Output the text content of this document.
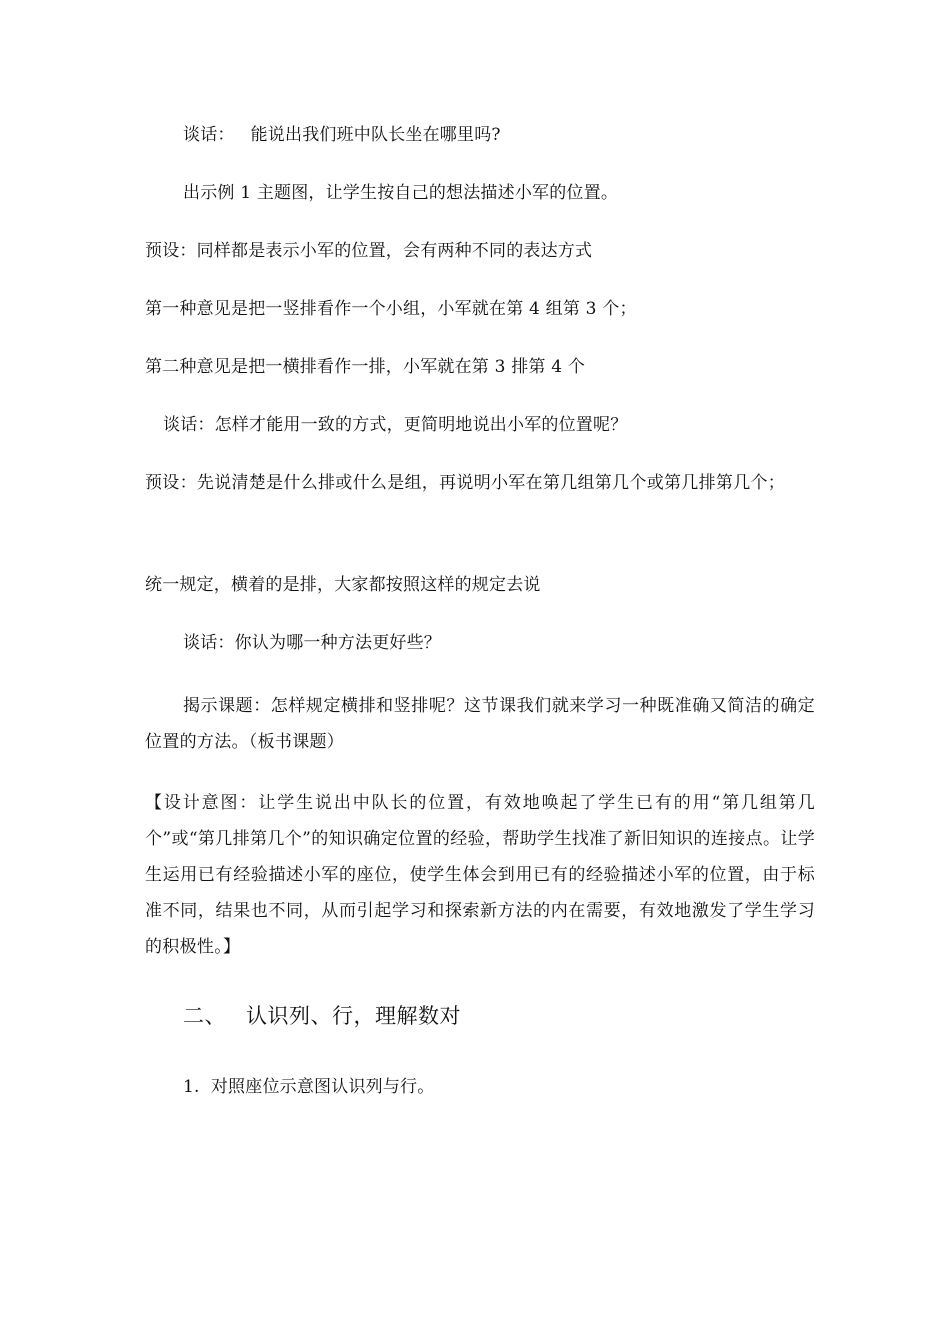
谈话： 能说出我们班中队长坐在哪里吗?
出示例 1 主题图，让学生按自己的想法描述小军的位置。
预设：同样都是表示小军的位置，会有两种不同的表达方式
第一种意见是把一竖排看作一个小组，小军就在第 4 组第 3 个；
第二种意见是把一横排看作一排，小军就在第 3 排第 4 个
谈话：怎样才能用一致的方式，更简明地说出小军的位置呢？
预设：先说清楚是什么排或什么是组，再说明小军在第几组第几个或第几排第几个；
统一规定，横着的是排，大家都按照这样的规定去说
谈话：你认为哪一种方法更好些？
揭示课题：怎样规定横排和竖排呢？这节课我们就来学习一种既准确又简洁的确定位置的方法。（板书课题）
【设计意图：让学生说出中队长的位置，有效地唤起了学生已有的用“第几组第几个”或“第几排第几个”的知识确定位置的经验，帮助学生找准了新旧知识的连接点。让学生运用已有经验描述小军的座位，使学生体会到用已有的经验描述小军的位置，由于标准不同，结果也不同，从而引起学习和探索新方法的内在需要，有效地激发了学生学习的积极性。】
二、 认识列、行，理解数对
1. 对照座位示意图认识列与行。
